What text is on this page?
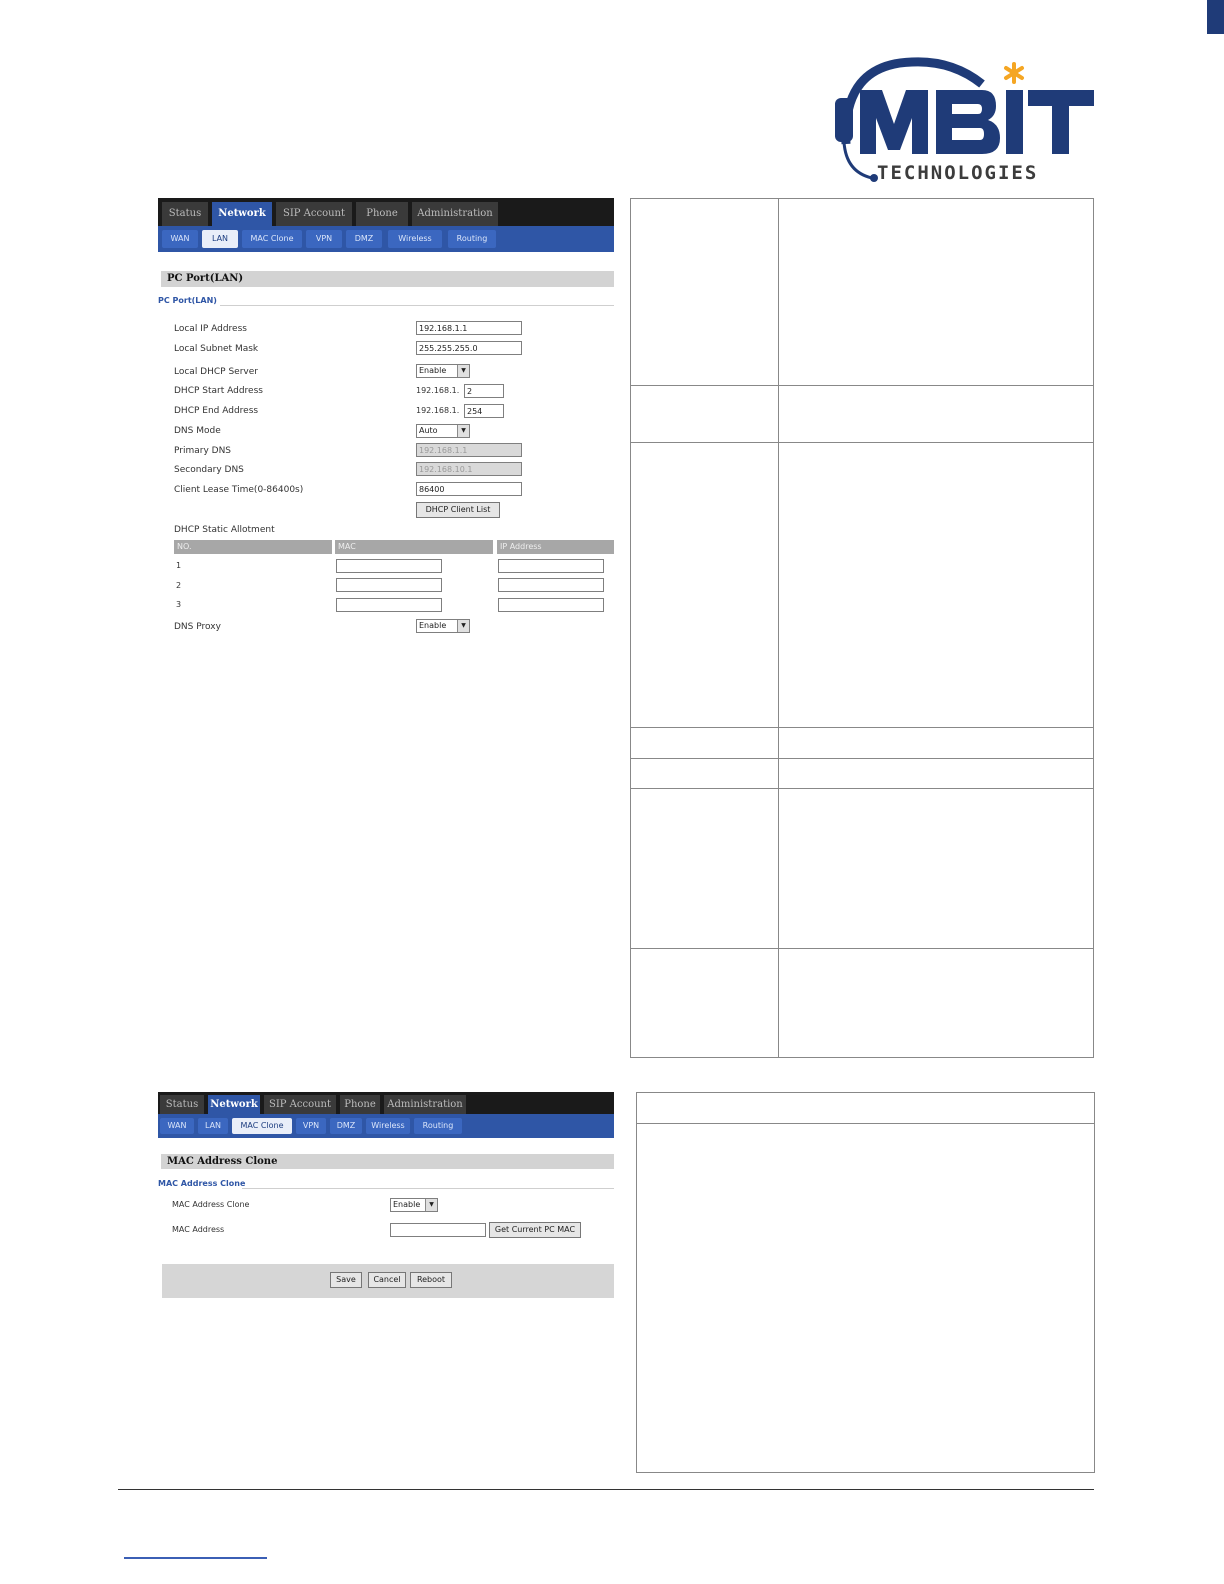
TECHNOLOGIES
Status	Network	SIP Account	Phone	Administration
WAN	LAN	MAC Clone	VPN	DMZ	Wireless	Routing
PC Port(LAN)
PC Port(LAN)
Local IP Address	192.168.1.1
Local Subnet Mask	255.255.255.0
Local DHCP Server	Enable	▼
DHCP Start Address	192.168.1. 2
DHCP End Address	192.168.1. 254
DNS Mode	Auto	▼
Primary DNS	192.168.1.1
Secondary DNS	192.168.10.1
Client Lease Time(0-86400s)	86400
DHCP Client List
DHCP Static Allotment
NO.	MAC	IP Address
1
2
3
DNS Proxy	Enable	▼
Status	Network	SIP Account	Phone	Administration
WAN	LAN	MAC Clone	VPN	DMZ	Wireless	Routing
MAC Address Clone
MAC Address Clone
MAC Address Clone	Enable	▼
MAC Address	Get Current PC MAC
Save	Cancel	Reboot
